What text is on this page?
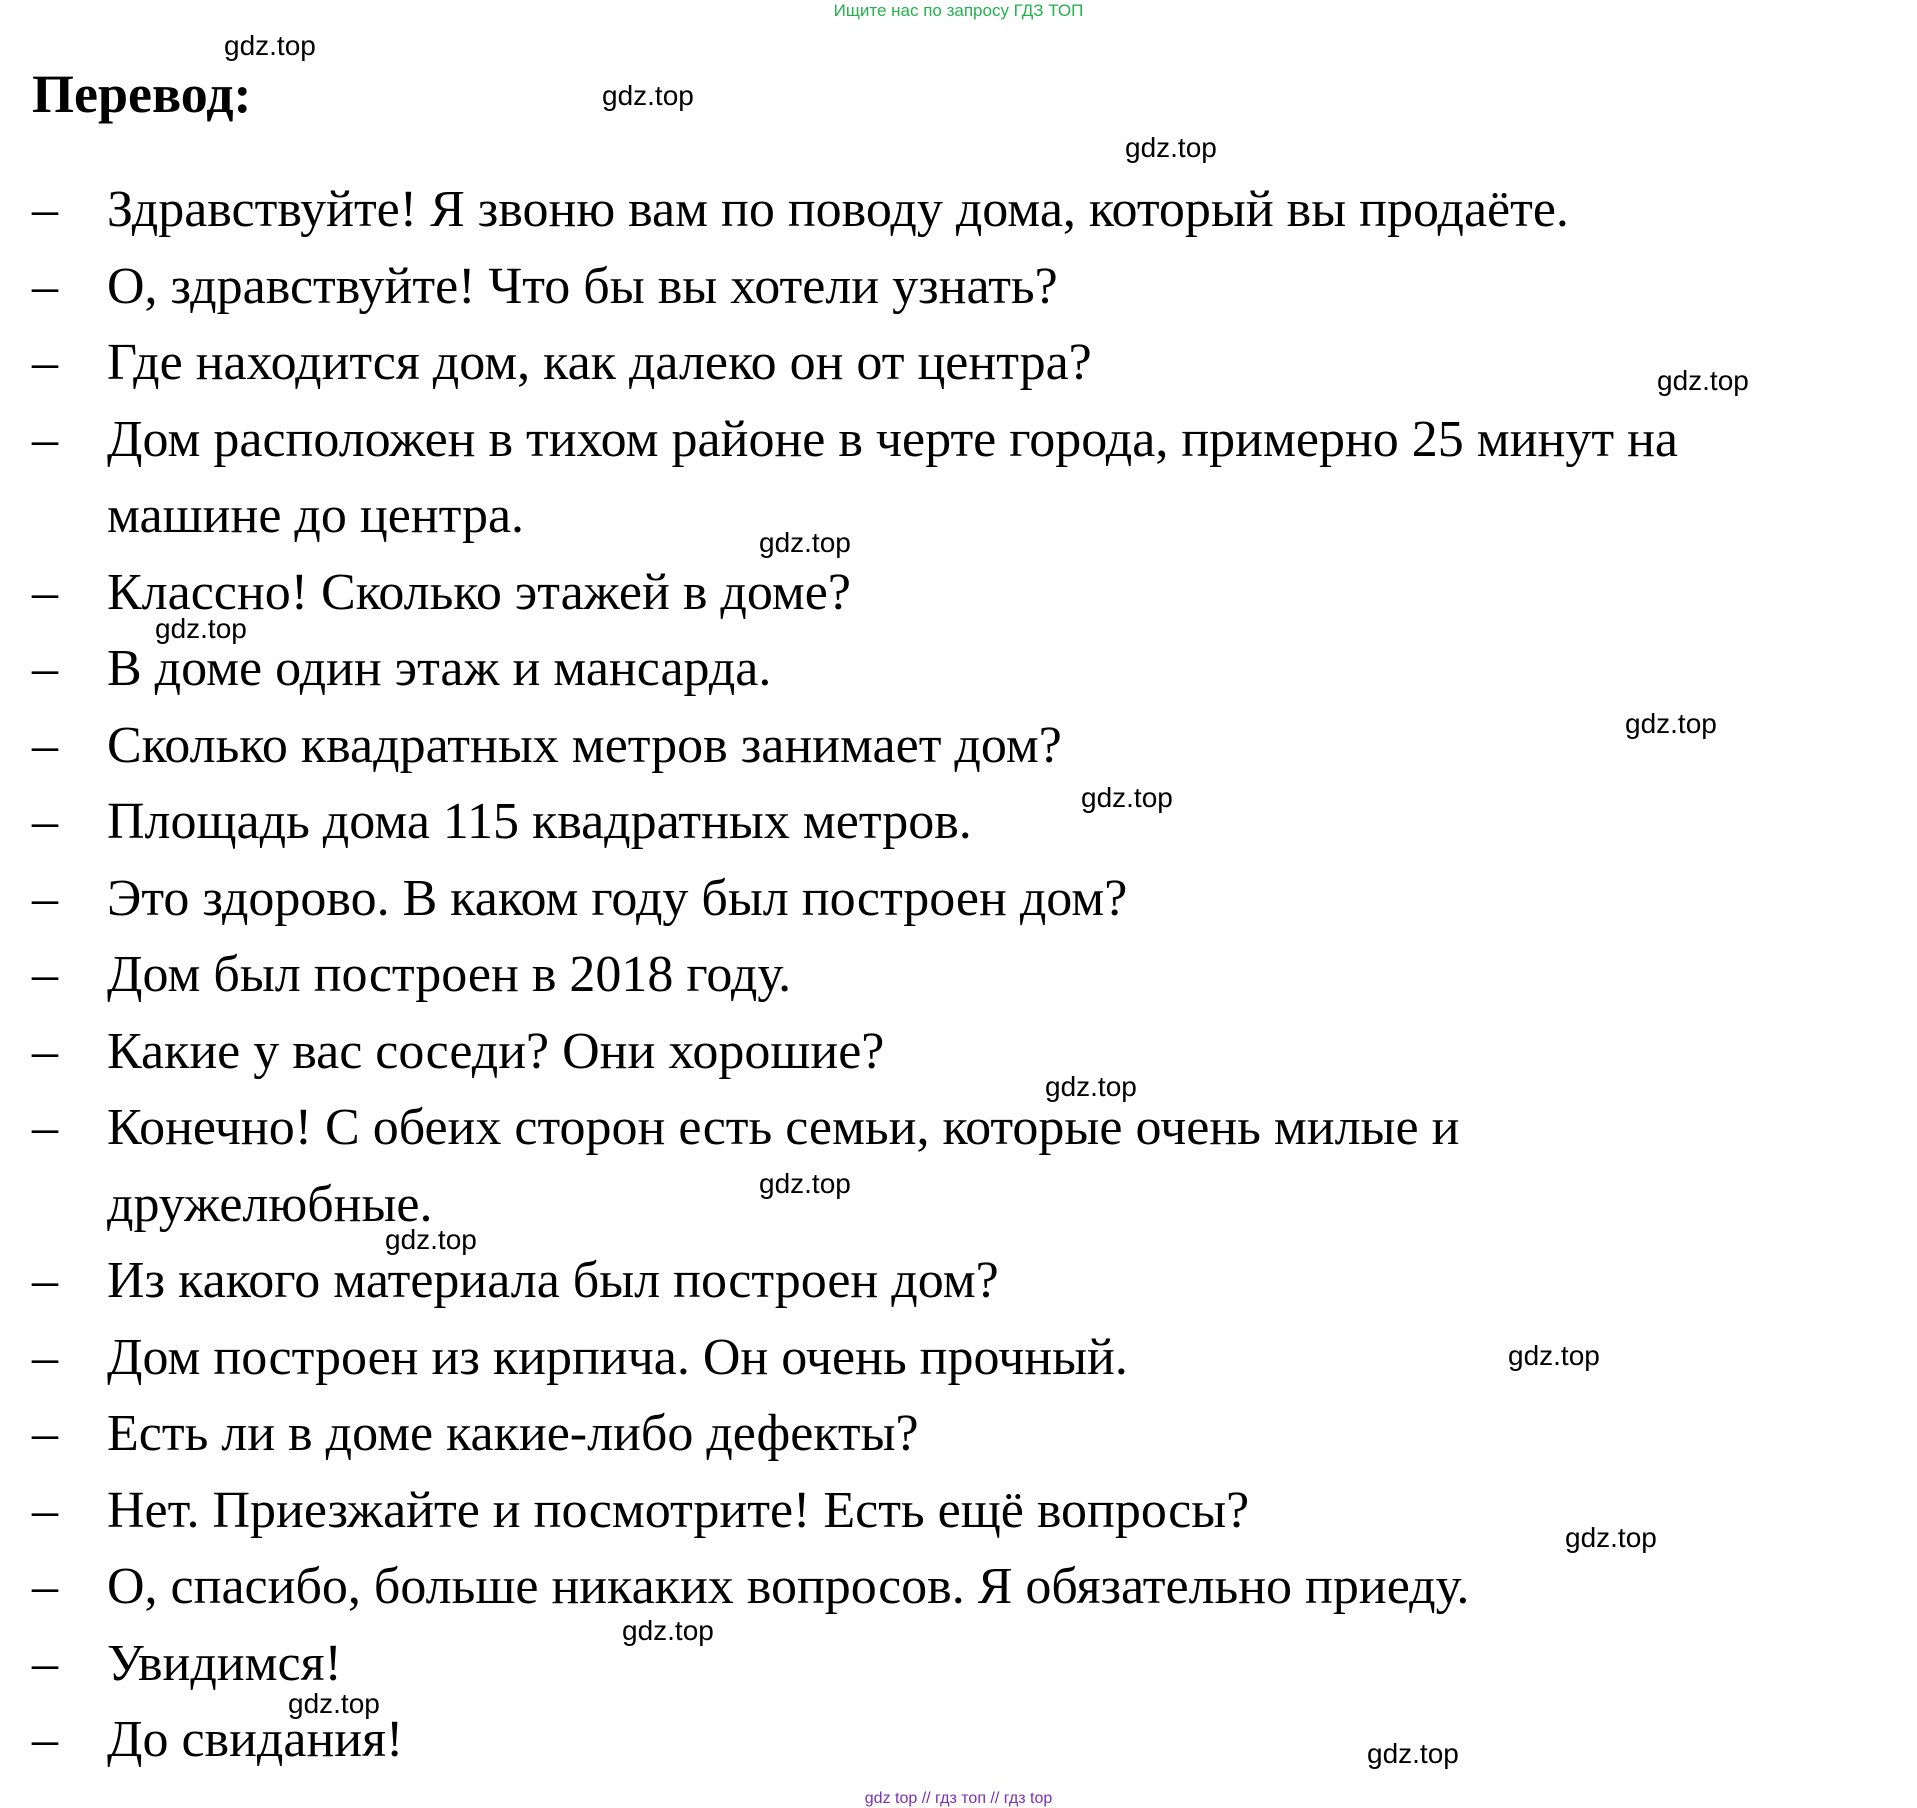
Ищите нас по запросу ГДЗ ТОП
Перевод:
– Здравствуйте! Я звоню вам по поводу дома, который вы продаёте.
– О, здравствуйте! Что бы вы хотели узнать?
– Где находится дом, как далеко он от центра?
– Дом расположен в тихом районе в черте города, примерно 25 минут на машине до центра.
– Классно! Сколько этажей в доме?
– В доме один этаж и мансарда.
– Сколько квадратных метров занимает дом?
– Площадь дома 115 квадратных метров.
– Это здорово. В каком году был построен дом?
– Дом был построен в 2018 году.
– Какие у вас соседи? Они хорошие?
– Конечно! С обеих сторон есть семьи, которые очень милые и дружелюбные.
– Из какого материала был построен дом?
– Дом построен из кирпича. Он очень прочный.
– Есть ли в доме какие-либо дефекты?
– Нет. Приезжайте и посмотрите! Есть ещё вопросы?
– О, спасибо, больше никаких вопросов. Я обязательно приеду.
– Увидимся!
– До свидания!
gdz.top
gdz.top
gdz.top
gdz.top
gdz.top
gdz.top
gdz.top
gdz.top
gdz.top
gdz.top
gdz.top
gdz.top
gdz.top
gdz.top
gdz.top
gdz.top
gdz top // гдз топ // гдз top
